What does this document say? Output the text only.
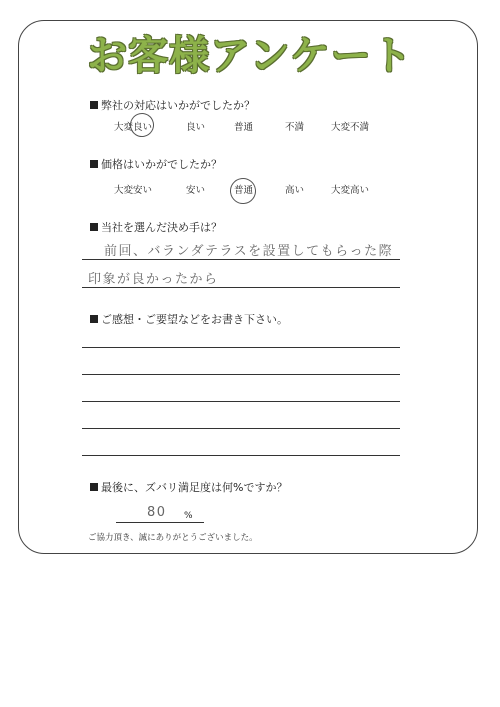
お客様アンケート
弊社の対応はいかがでしたか？
大変良い	良い	普通	不満	大変不満
価格はいかがでしたか？
大変安い	安い	普通	高い	大変高い
当社を選んだ決め手は？
前回、バランダテラスを設置してもらった際
印象が良かったから
ご感想・ご要望などをお書き下さい。
最後に、ズバリ満足度は何%ですか？
80 %
ご協力頂き、誠にありがとうございました。
